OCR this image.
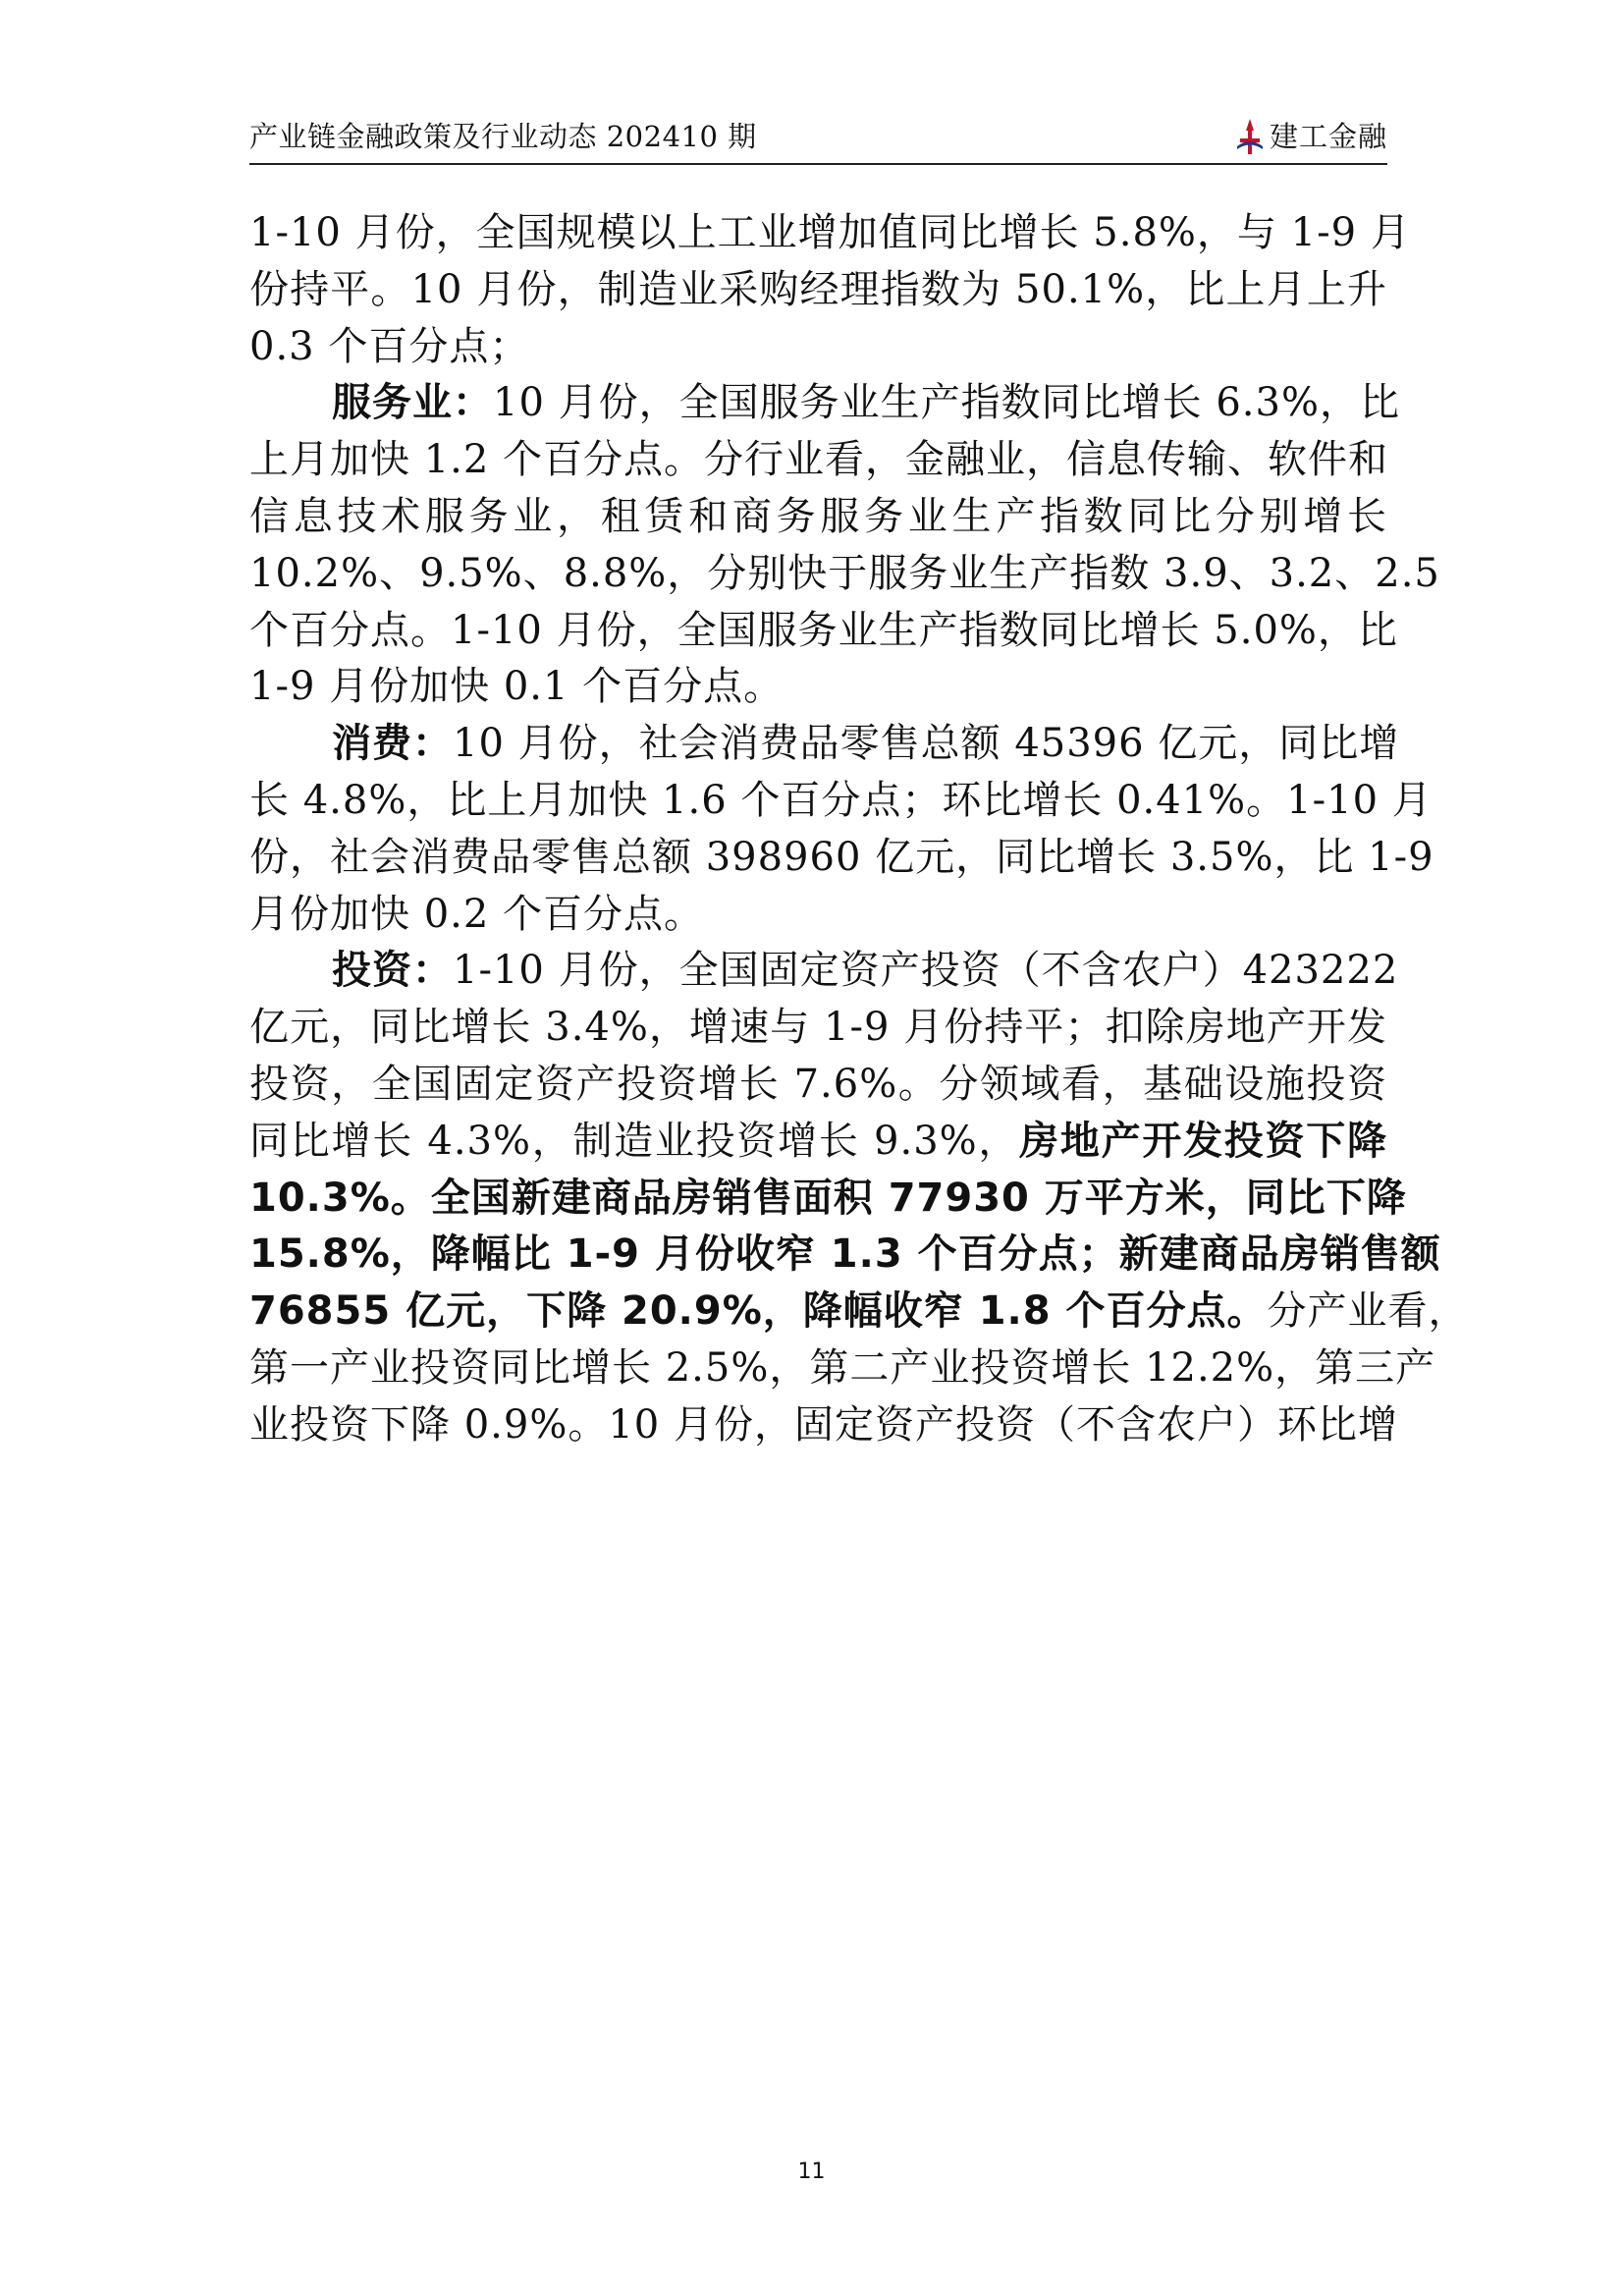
产业链金融政策及行业动态 202410 期	建工金融
1-10 月份，全国规模以上工业增加值同比增长 5.8%，与 1-9 月
份持平。10 月份，制造业采购经理指数为 50.1%，比上月上升
0.3 个百分点；
服务业：10 月份，全国服务业生产指数同比增长 6.3%，比
上月加快 1.2 个百分点。分行业看，金融业，信息传输、软件和
信息技术服务业，租赁和商务服务业生产指数同比分别增长
10.2%、9.5%、8.8%，分别快于服务业生产指数 3.9、3.2、2.5
个百分点。1-10 月份，全国服务业生产指数同比增长 5.0%，比
1-9 月份加快 0.1 个百分点。
消费：10 月份，社会消费品零售总额 45396 亿元，同比增
长 4.8%，比上月加快 1.6 个百分点；环比增长 0.41%。1-10 月
份，社会消费品零售总额 398960 亿元，同比增长 3.5%，比 1-9
月份加快 0.2 个百分点。
投资：1-10 月份，全国固定资产投资（不含农户）423222
亿元，同比增长 3.4%，增速与 1-9 月份持平；扣除房地产开发
投资，全国固定资产投资增长 7.6%。分领域看，基础设施投资
同比增长 4.3%，制造业投资增长 9.3%，房地产开发投资下降
10.3%。全国新建商品房销售面积 77930 万平方米，同比下降
15.8%，降幅比 1-9 月份收窄 1.3 个百分点；新建商品房销售额
76855 亿元，下降 20.9%，降幅收窄 1.8 个百分点。分产业看，
第一产业投资同比增长 2.5%，第二产业投资增长 12.2%，第三产
业投资下降 0.9%。10 月份，固定资产投资（不含农户）环比增
11
